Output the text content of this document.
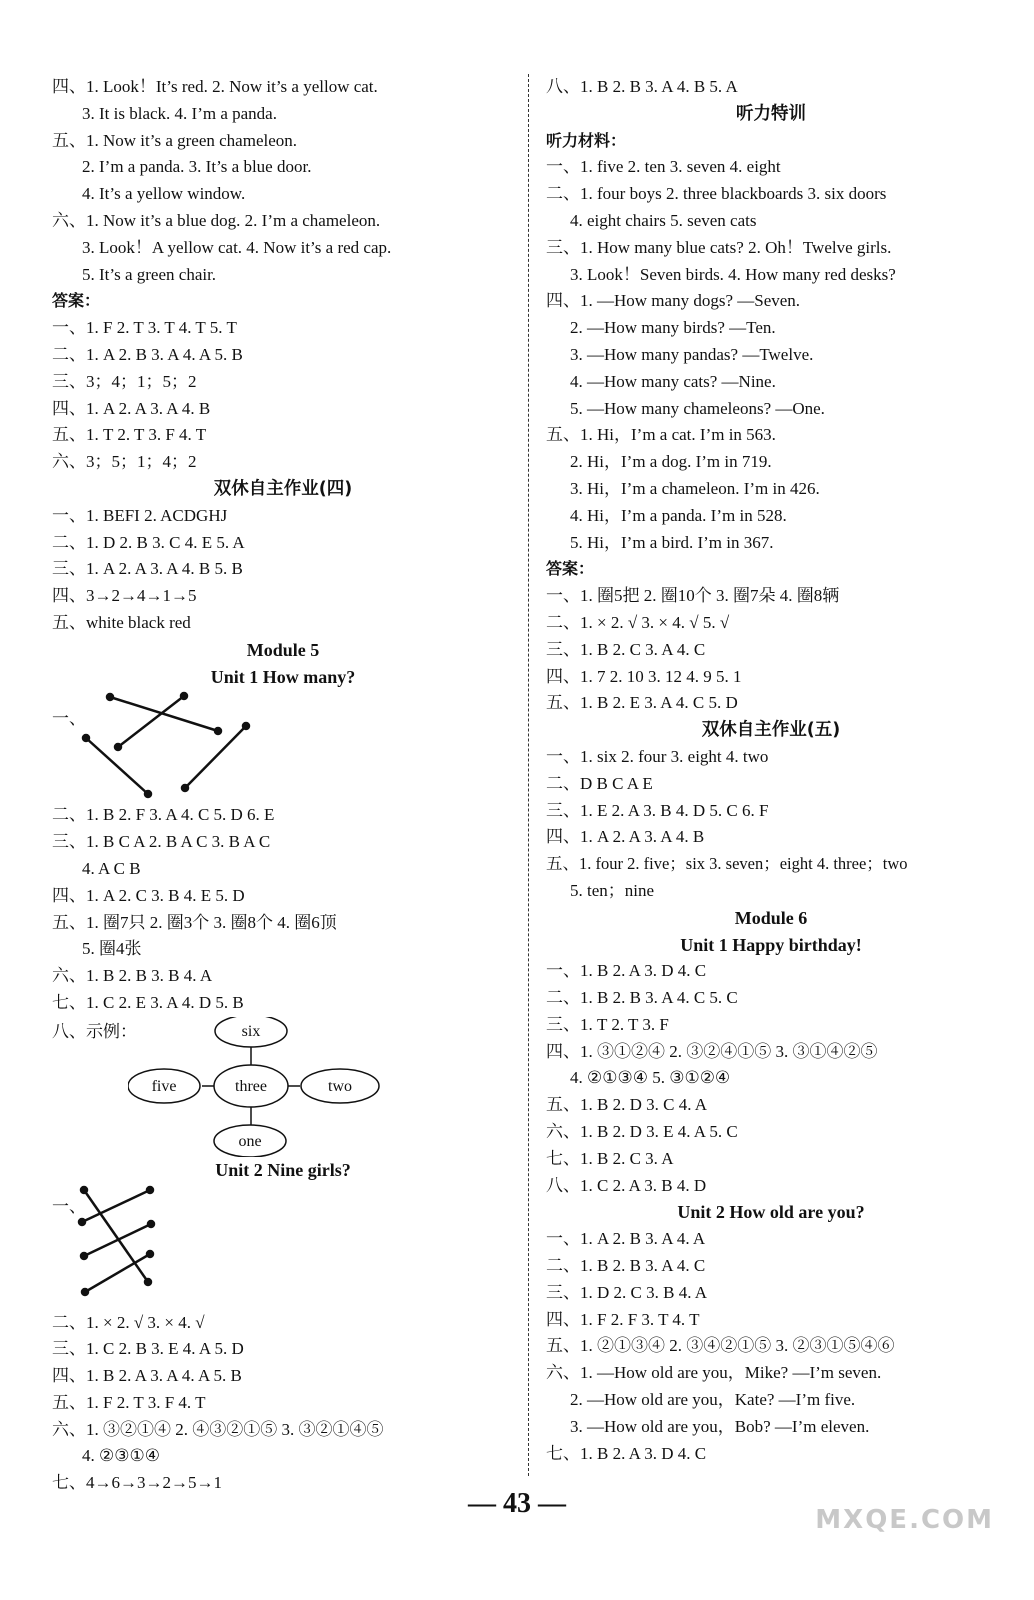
四、1. Look！It’s red. 2. Now it’s a yellow cat.
3. It is black. 4. I’m a panda.
五、1. Now it’s a green chameleon.
2. I’m a panda. 3. It’s a blue door.
4. It’s a yellow window.
六、1. Now it’s a blue dog. 2. I’m a chameleon.
3. Look！A yellow cat. 4. Now it’s a red cap.
5. It’s a green chair.
答案：
一、1. F 2. T 3. T 4. T 5. T
二、1. A 2. B 3. A 4. A 5. B
三、3；4；1；5；2
四、1. A 2. A 3. A 4. B
五、1. T 2. T 3. F 4. T
六、3；5；1；4；2
双休自主作业(四)
一、1. BEFI 2. ACDGHJ
二、1. D 2. B 3. C 4. E 5. A
三、1. A 2. A 3. A 4. B 5. B
四、3→2→4→1→5
五、white black red
Module 5
Unit 1 How many?
一、
二、1. B 2. F 3. A 4. C 5. D 6. E
三、1. B C A 2. B A C 3. B A C
4. A C B
四、1. A 2. C 3. B 4. E 5. D
五、1. 圈7只 2. 圈3个 3. 圈8个 4. 圈6顶
5. 圈4张
六、1. B 2. B 3. B 4. A
七、1. C 2. E 3. A 4. D 5. B
八、示例：	six
five	three	two
one
Unit 2 Nine girls?
一、
二、1. × 2. √ 3. × 4. √
三、1. C 2. B 3. E 4. A 5. D
四、1. B 2. A 3. A 4. A 5. B
五、1. F 2. T 3. F 4. T
六、1. ③②①④ 2. ④③②①⑤ 3. ③②①④⑤
4. ②③①④
七、4→6→3→2→5→1
八、1. B 2. B 3. A 4. B 5. A
听力特训
听力材料：
一、1. five 2. ten 3. seven 4. eight
二、1. four boys 2. three blackboards 3. six doors
4. eight chairs 5. seven cats
三、1. How many blue cats? 2. Oh！Twelve girls.
3. Look！Seven birds. 4. How many red desks?
四、1. —How many dogs? —Seven.
2. —How many birds? —Ten.
3. —How many pandas? —Twelve.
4. —How many cats? —Nine.
5. —How many chameleons? —One.
五、1. Hi，I’m a cat. I’m in 563.
2. Hi，I’m a dog. I’m in 719.
3. Hi，I’m a chameleon. I’m in 426.
4. Hi，I’m a panda. I’m in 528.
5. Hi，I’m a bird. I’m in 367.
答案：
一、1. 圈5把 2. 圈10个 3. 圈7朵 4. 圈8辆
二、1. × 2. √ 3. × 4. √ 5. √
三、1. B 2. C 3. A 4. C
四、1. 7 2. 10 3. 12 4. 9 5. 1
五、1. B 2. E 3. A 4. C 5. D
双休自主作业(五)
一、1. six 2. four 3. eight 4. two
二、D B C A E
三、1. E 2. A 3. B 4. D 5. C 6. F
四、1. A 2. A 3. A 4. B
五、1. four 2. five；six 3. seven；eight 4. three；two
5. ten；nine
Module 6
Unit 1 Happy birthday!
一、1. B 2. A 3. D 4. C
二、1. B 2. B 3. A 4. C 5. C
三、1. T 2. T 3. F
四、1. ③①②④ 2. ③②④①⑤ 3. ③①④②⑤
4. ②①③④ 5. ③①②④
五、1. B 2. D 3. C 4. A
六、1. B 2. D 3. E 4. A 5. C
七、1. B 2. C 3. A
八、1. C 2. A 3. B 4. D
Unit 2 How old are you?
一、1. A 2. B 3. A 4. A
二、1. B 2. B 3. A 4. C
三、1. D 2. C 3. B 4. A
四、1. F 2. F 3. T 4. T
五、1. ②①③④ 2. ③④②①⑤ 3. ②③①⑤④⑥
六、1. —How old are you，Mike? —I’m seven.
2. —How old are you，Kate? —I’m five.
3. —How old are you，Bob? —I’m eleven.
七、1. B 2. A 3. D 4. C
— 43 —
MXQE.COM
